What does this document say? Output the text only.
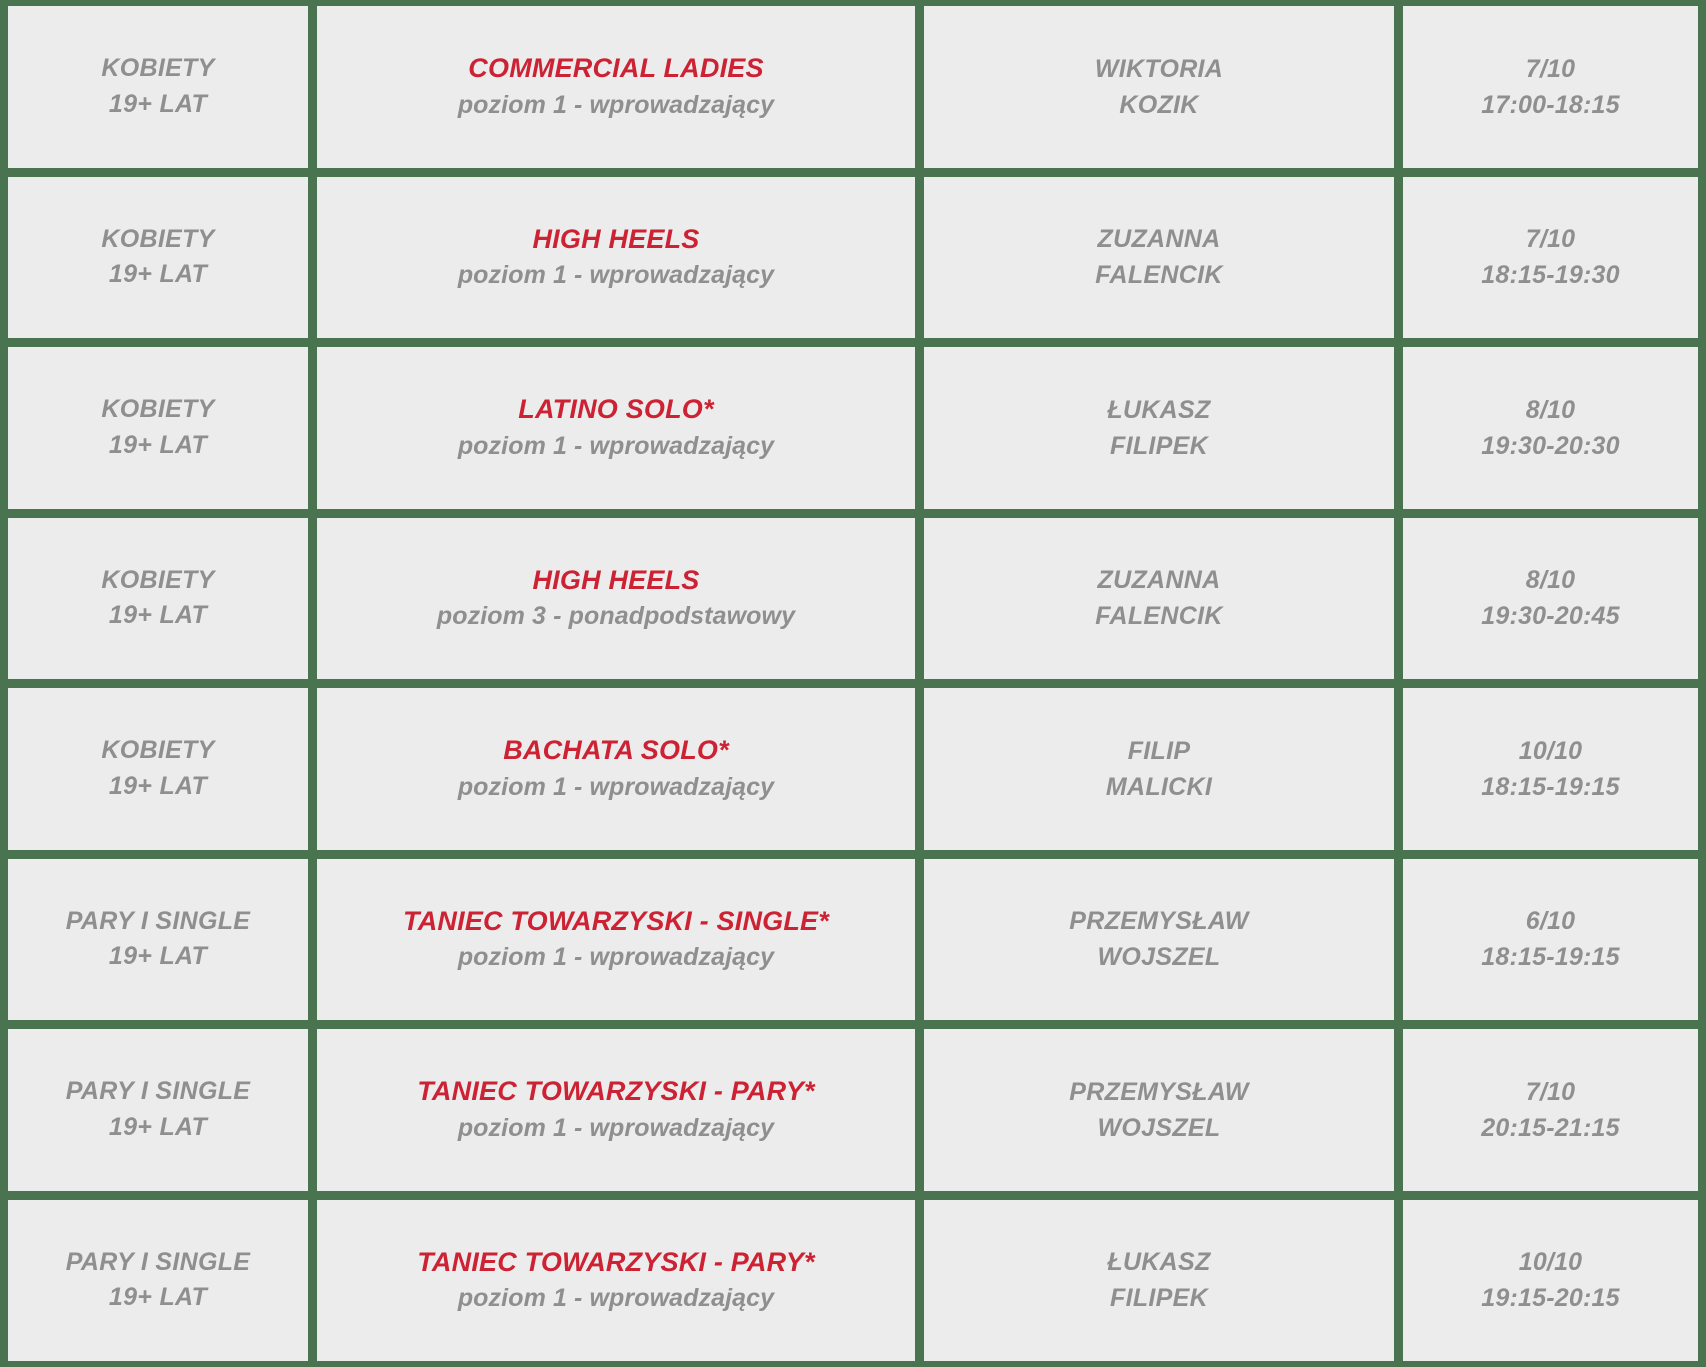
KOBIETY
19+ LAT
COMMERCIAL LADIES
poziom 1 - wprowadzający
WIKTORIA
KOZIK
7/10
17:00-18:15
KOBIETY
19+ LAT
HIGH HEELS
poziom 1 - wprowadzający
ZUZANNA
FALENCIK
7/10
18:15-19:30
KOBIETY
19+ LAT
LATINO SOLO*
poziom 1 - wprowadzający
ŁUKASZ
FILIPEK
8/10
19:30-20:30
KOBIETY
19+ LAT
HIGH HEELS
poziom 3 - ponadpodstawowy
ZUZANNA
FALENCIK
8/10
19:30-20:45
KOBIETY
19+ LAT
BACHATA SOLO*
poziom 1 - wprowadzający
FILIP
MALICKI
10/10
18:15-19:15
PARY I SINGLE
19+ LAT
TANIEC TOWARZYSKI - SINGLE*
poziom 1 - wprowadzający
PRZEMYSŁAW
WOJSZEL
6/10
18:15-19:15
PARY I SINGLE
19+ LAT
TANIEC TOWARZYSKI - PARY*
poziom 1 - wprowadzający
PRZEMYSŁAW
WOJSZEL
7/10
20:15-21:15
PARY I SINGLE
19+ LAT
TANIEC TOWARZYSKI - PARY*
poziom 1 - wprowadzający
ŁUKASZ
FILIPEK
10/10
19:15-20:15
